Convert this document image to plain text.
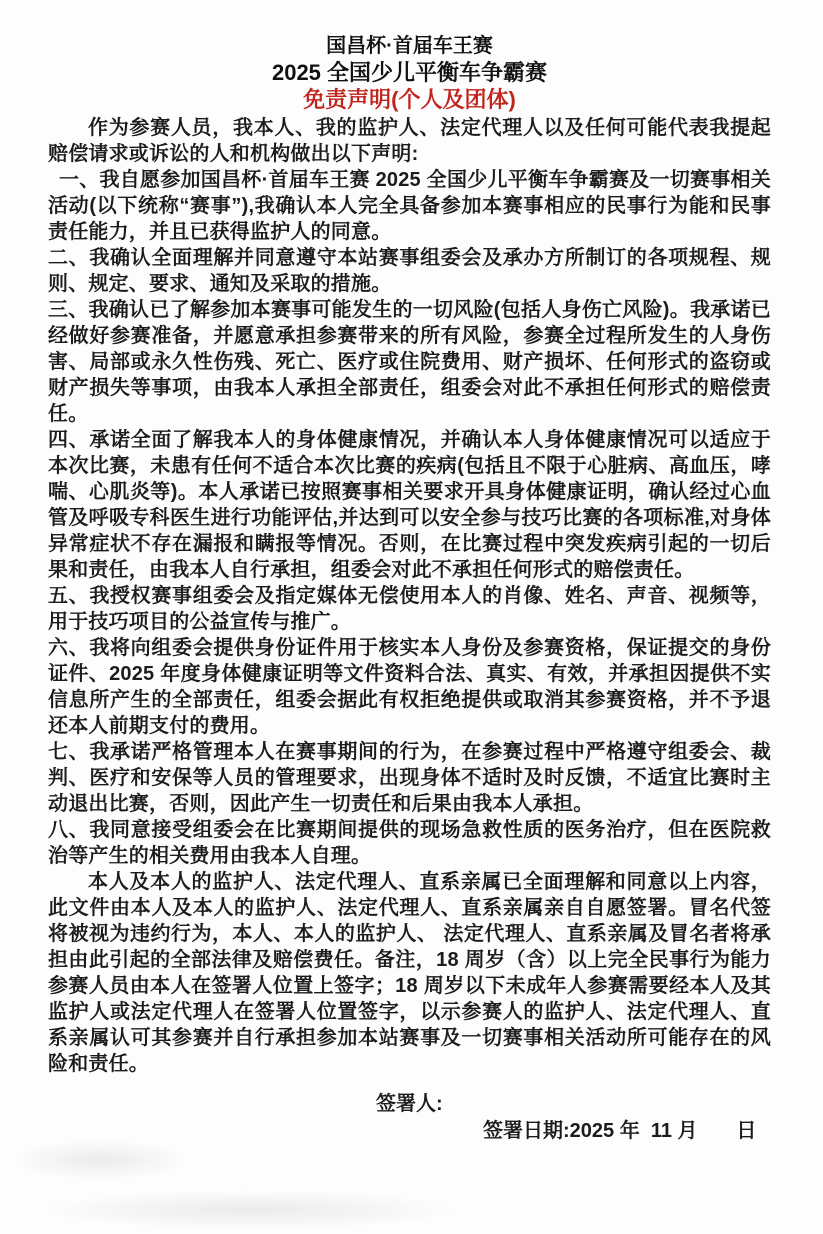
国昌杯·首届车王赛
2025 全国少儿平衡车争霸赛
免责声明(个人及团体)

作为参赛人员，我本人、我的监护人、法定代理人以及任何可能代表我提起赔偿请求或诉讼的人和机构做出以下声明:

一、我自愿参加国昌杯·首届车王赛 2025 全国少儿平衡车争霸赛及一切赛事相关活动(以下统称“赛事”),我确认本人完全具备参加本赛事相应的民事行为能和民事责任能力，并且已获得监护人的同意。

二、我确认全面理解并同意遵守本站赛事组委会及承办方所制订的各项规程、规则、规定、要求、通知及采取的措施。

三、我确认已了解参加本赛事可能发生的一切风险(包括人身伤亡风险)。我承诺已经做好参赛准备，并愿意承担参赛带来的所有风险，参赛全过程所发生的人身伤害、局部或永久性伤残、死亡、医疗或住院费用、财产损坏、任何形式的盗窃或财产损失等事项，由我本人承担全部责任，组委会对此不承担任何形式的赔偿责任。

四、承诺全面了解我本人的身体健康情况，并确认本人身体健康情况可以适应于本次比赛，未患有任何不适合本次比赛的疾病(包括且不限于心脏病、高血压，哮喘、心肌炎等)。本人承诺已按照赛事相关要求开具身体健康证明，确认经过心血管及呼吸专科医生进行功能评估,并达到可以安全参与技巧比赛的各项标准,对身体异常症状不存在漏报和瞒报等情况。否则，在比赛过程中突发疾病引起的一切后果和责任，由我本人自行承担，组委会对此不承担任何形式的赔偿责任。

五、我授权赛事组委会及指定媒体无偿使用本人的肖像、姓名、声音、视频等，用于技巧项目的公益宣传与推广。

六、我将向组委会提供身份证件用于核实本人身份及参赛资格，保证提交的身份证件、2025 年度身体健康证明等文件资料合法、真实、有效，并承担因提供不实信息所产生的全部责任，组委会据此有权拒绝提供或取消其参赛资格，并不予退还本人前期支付的费用。

七、我承诺严格管理本人在赛事期间的行为，在参赛过程中严格遵守组委会、裁判、医疗和安保等人员的管理要求，出现身体不适时及时反馈，不适宜比赛时主动退出比赛，否则，因此产生一切责任和后果由我本人承担。

八、我同意接受组委会在比赛期间提供的现场急救性质的医务治疗，但在医院救治等产生的相关费用由我本人自理。

本人及本人的监护人、法定代理人、直系亲属已全面理解和同意以上内容，此文件由本人及本人的监护人、法定代理人、直系亲属亲自自愿签署。冒名代签将被视为违约行为，本人、本人的监护人、 法定代理人、直系亲属及冒名者将承担由此引起的全部法律及赔偿费任。备注，18 周岁（含）以上完全民事行为能力参赛人员由本人在签署人位置上签字；18 周岁以下未成年人参赛需要经本人及其监护人或法定代理人在签署人位置签字，以示参赛人的监护人、法定代理人、直系亲属认可其参赛并自行承担参加本站赛事及一切赛事相关活动所可能存在的风险和责任。

签署人:
签署日期:2025 年  11 月       日
